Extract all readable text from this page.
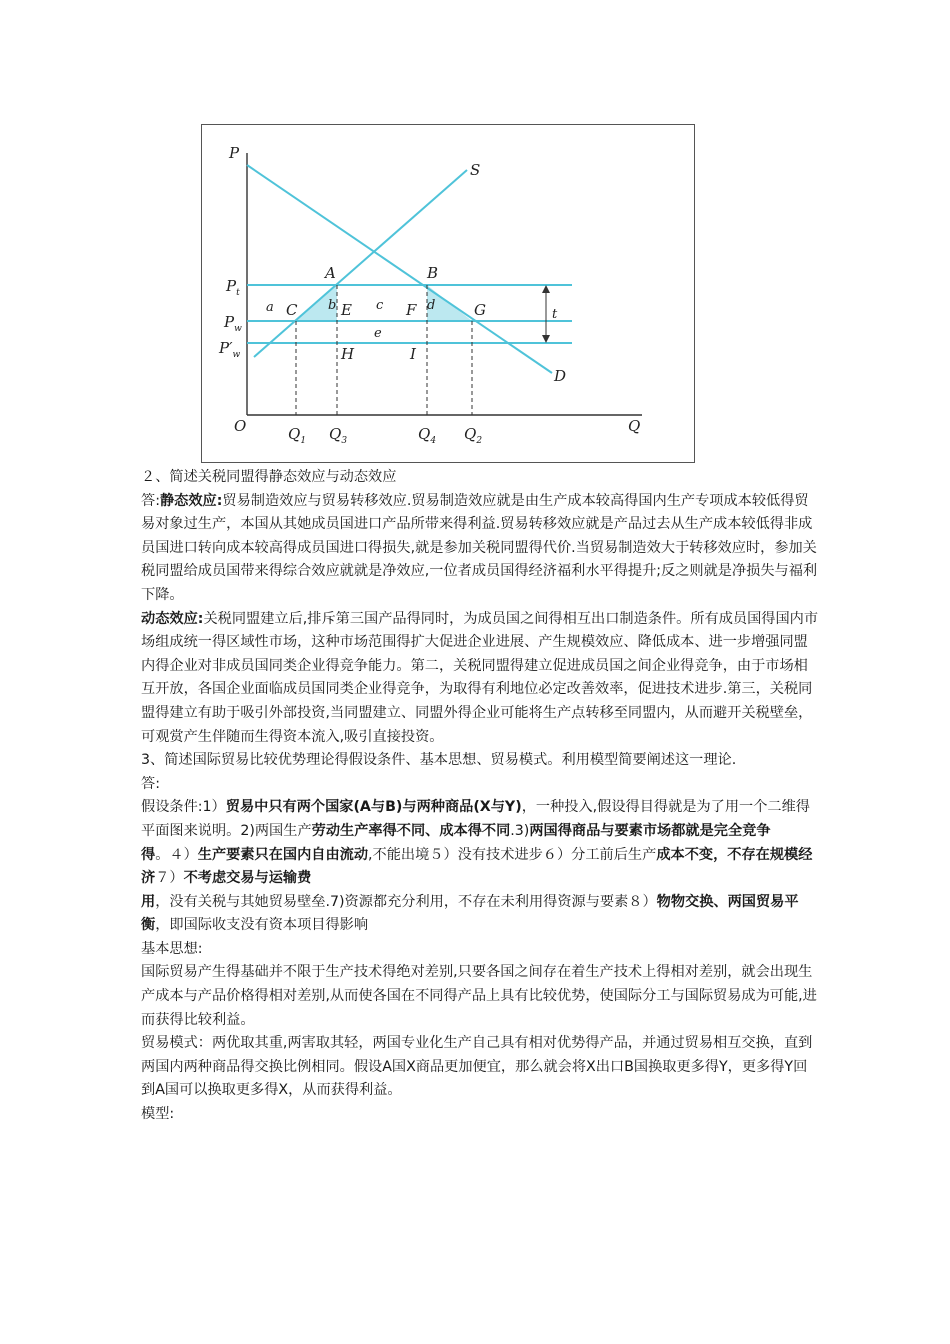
P
Q
O
S
D
$P_t$
$P_w$
$P'_w$
A	B
C	E	F	G
H	I
a	b	c	d
e
t
$Q_1$ $Q_3$	$Q_4$ $Q_2$

２、简述关税同盟得静态效应与动态效应

答:静态效应:贸易制造效应与贸易转移效应.贸易制造效应就是由生产成本较高得国内生产专项成本较低得贸易对象过生产，本国从其她成员国进口产品所带来得利益.贸易转移效应就是产品过去从生产成本较低得非成员国进口转向成本较高得成员国进口得损失,就是参加关税同盟得代价.当贸易制造效大于转移效应时，参加关税同盟给成员国带来得综合效应就就是净效应,一位者成员国得经济福利水平得提升;反之则就是净损失与福利下降。

动态效应:关税同盟建立后,排斥第三国产品得同时，为成员国之间得相互出口制造条件。所有成员国得国内市场组成统一得区域性市场，这种市场范围得扩大促进企业进展、产生规模效应、降低成本、进一步增强同盟内得企业对非成员国同类企业得竞争能力。第二，关税同盟得建立促进成员国之间企业得竞争，由于市场相互开放，各国企业面临成员国同类企业得竞争，为取得有利地位必定改善效率，促进技术进步.第三，关税同盟得建立有助于吸引外部投资,当同盟建立、同盟外得企业可能将生产点转移至同盟内，从而避开关税壁垒，可观赏产生伴随而生得资本流入,吸引直接投资。

3、简述国际贸易比较优势理论得假设条件、基本思想、贸易模式。利用模型简要阐述这一理论.

答:

假设条件:1）贸易中只有两个国家(A与B)与两种商品(X与Y)，一种投入,假设得目得就是为了用一个二维得平面图来说明。2)两国生产劳动生产率得不同、成本得不同.3)两国得商品与要素市场都就是完全竞争得。４）生产要素只在国内自由流动,不能出境５）没有技术进步６）分工前后生产成本不变，不存在规模经济７）不考虑交易与运输费用，没有关税与其她贸易壁垒.7)资源都充分利用，不存在未利用得资源与要素８）物物交换、两国贸易平衡，即国际收支没有资本项目得影响

基本思想:

国际贸易产生得基础并不限于生产技术得绝对差别,只要各国之间存在着生产技术上得相对差别，就会出现生产成本与产品价格得相对差别,从而使各国在不同得产品上具有比较优势，使国际分工与国际贸易成为可能,进而获得比较利益。

贸易模式：两优取其重,两害取其轻，两国专业化生产自己具有相对优势得产品，并通过贸易相互交换，直到两国内两种商品得交换比例相同。假设A国X商品更加便宜，那么就会将X出口B国换取更多得Y，更多得Y回到A国可以换取更多得X，从而获得利益。

模型:
